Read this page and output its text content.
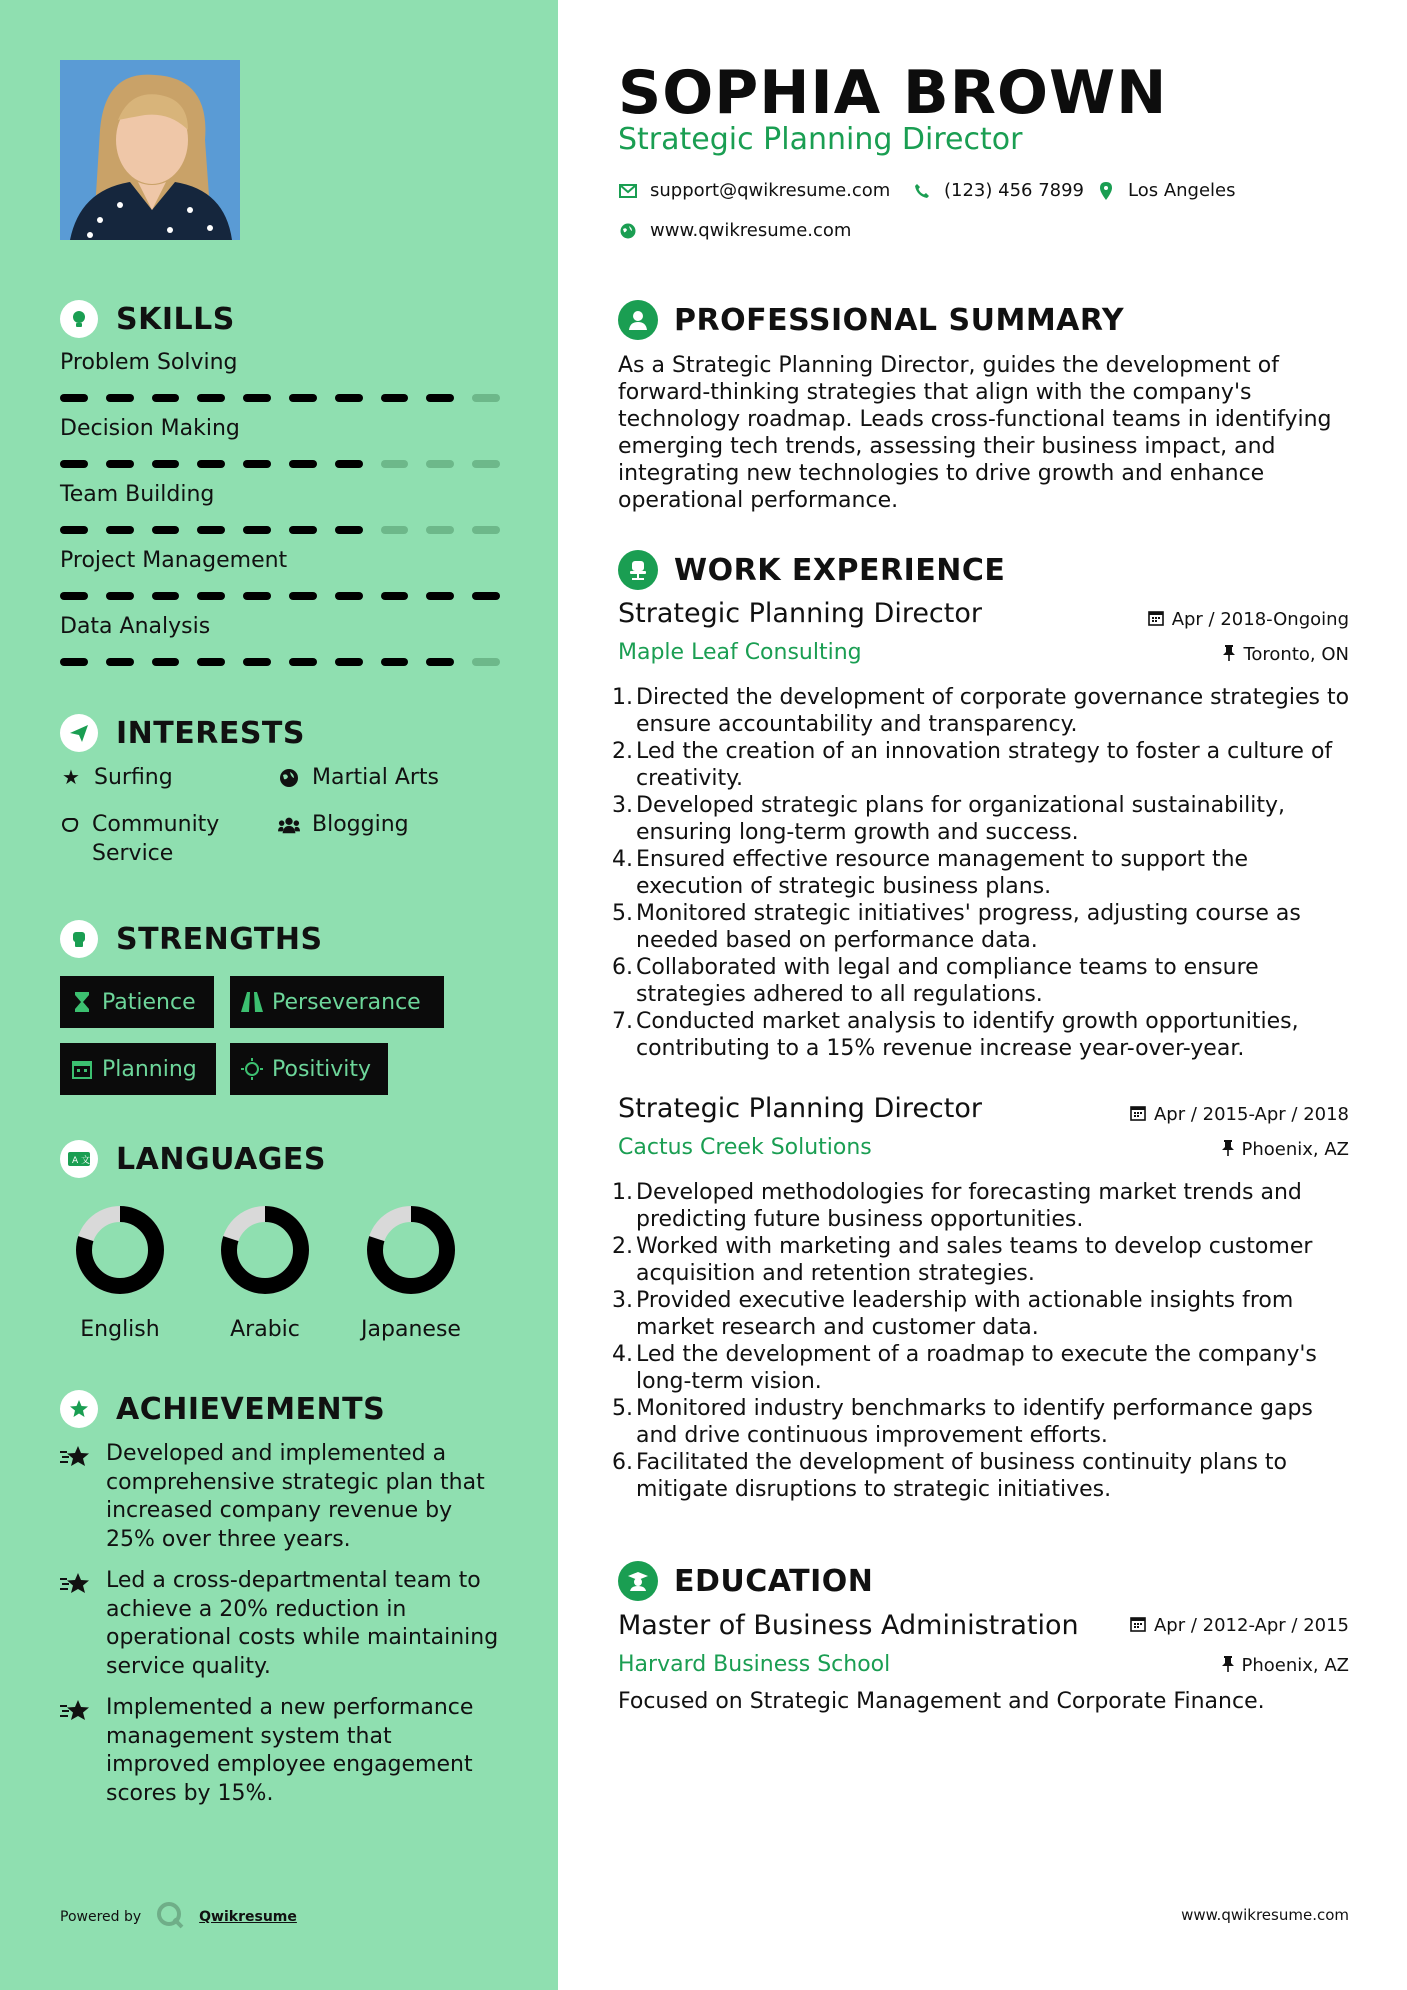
SKILLS
Problem Solving
Decision Making
Team Building
Project Management
Data Analysis
INTERESTS
★ Surfing	Martial Arts
Community Service
Blogging
STRENGTHS
Patience	Perseverance
Planning	Positivity
A 文 LANGUAGES
English	Arabic	Japanese
ACHIEVEMENTS

Developed and implemented a comprehensive strategic plan that increased company revenue by 25% over three years.

Led a cross-departmental team to achieve a 20% reduction in operational costs while maintaining service quality.

Implemented a new performance management system that improved employee engagement scores by 15%.

Powered by	Qwikresume
SOPHIA BROWN
Strategic Planning Director
support@qwikresume.com	(123) 456 7899 Los Angeles
www.qwikresume.com
PROFESSIONAL SUMMARY

As a Strategic Planning Director, guides the development of forward-thinking strategies that align with the company's technology roadmap. Leads cross-functional teams in identifying emerging tech trends, assessing their business impact, and integrating new technologies to drive growth and enhance operational performance.

WORK EXPERIENCE
Strategic Planning Director	Apr / 2018-Ongoing
Maple Leaf Consulting	Toronto, ON
Directed the development of corporate governance strategies to ensure accountability and transparency.
Led the creation of an innovation strategy to foster a culture of creativity.
Developed strategic plans for organizational sustainability, ensuring long-term growth and success.
Ensured effective resource management to support the execution of strategic business plans.
Monitored strategic initiatives' progress, adjusting course as needed based on performance data.
Collaborated with legal and compliance teams to ensure strategies adhered to all regulations.
Conducted market analysis to identify growth opportunities, contributing to a 15% revenue increase year-over-year.
Strategic Planning Director	Apr / 2015-Apr / 2018
Cactus Creek Solutions	Phoenix, AZ
Developed methodologies for forecasting market trends and predicting future business opportunities.
Worked with marketing and sales teams to develop customer acquisition and retention strategies.
Provided executive leadership with actionable insights from market research and customer data.
Led the development of a roadmap to execute the company's long-term vision.
Monitored industry benchmarks to identify performance gaps and drive continuous improvement efforts.
Facilitated the development of business continuity plans to mitigate disruptions to strategic initiatives.
EDUCATION
Master of Business Administration	Apr / 2012-Apr / 2015
Harvard Business School	Phoenix, AZ
Focused on Strategic Management and Corporate Finance.
www.qwikresume.com
